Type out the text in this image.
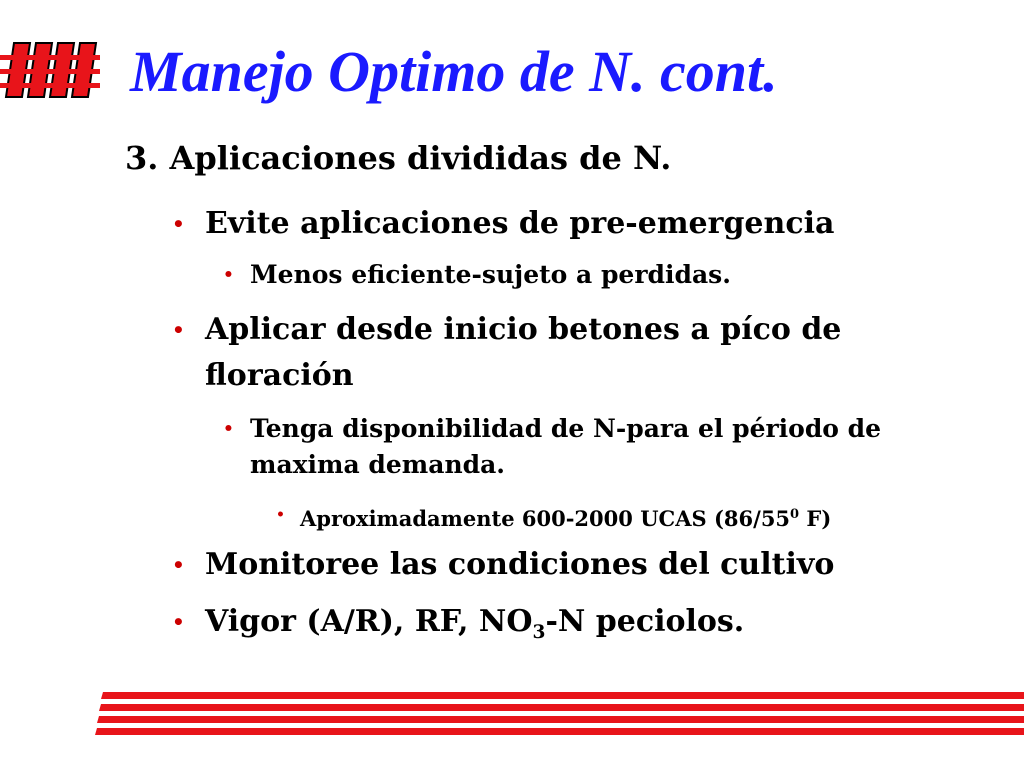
Manejo Optimo de N. cont.
3. Aplicaciones divididas de N.
• Evite aplicaciones de pre-emergencia
• Menos eficiente-sujeto a perdidas.
• Aplicar desde inicio betones a píco de
floración
• Tenga disponibilidad de N-para el périodo de
maxima demanda.
• Aproximadamente 600-2000 UCAS ($86/55^0$ F)
• Monitoree las condiciones del cultivo
• Vigor (A/R), RF, $NO_3-N$ peciolos.
